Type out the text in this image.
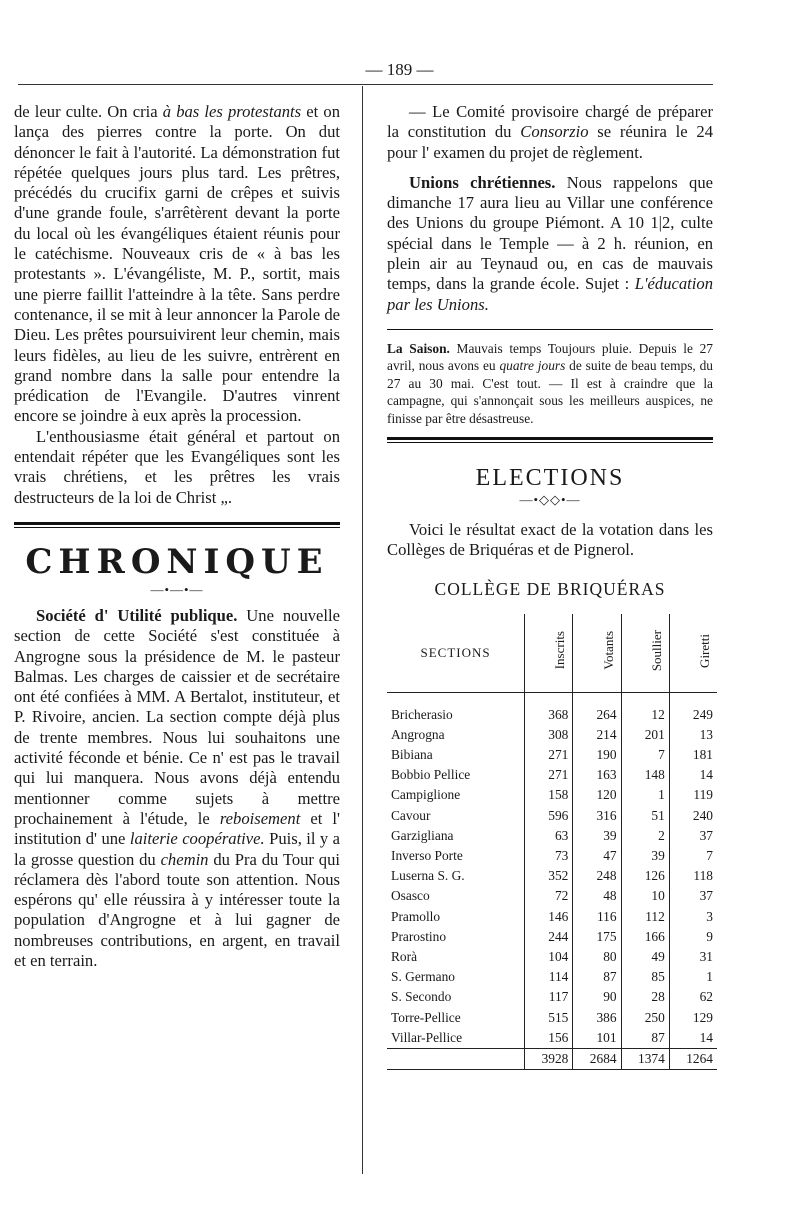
— 189 —

de leur culte. On cria à bas les protestants et on lança des pierres contre la porte. On dut dénoncer le fait à l'autorité. La démonstration fut répétée quelques jours plus tard. Les prêtres, précédés du crucifix garni de crêpes et suivis d'une grande foule, s'arrêtèrent devant la porte du local où les évangéliques étaient réunis pour le catéchisme. Nouveaux cris de « à bas les protestants ». L'évangéliste, M. P., sortit, mais une pierre faillit l'atteindre à la tête. Sans perdre contenance, il se mit à leur annoncer la Parole de Dieu. Les prêtes poursuivirent leur chemin, mais leurs fidèles, au lieu de les suivre, entrèrent en grand nombre dans la salle pour entendre la prédication de l'Evangile. D'autres vinrent encore se joindre à eux après la procession.

L'enthousiasme était général et partout on entendait répéter que les Evangéliques sont les vrais chrétiens, et les prêtres les vrais destructeurs de la loi de Christ „.

CHRONIQUE
—•—•—

Société d' Utilité publique. Une nouvelle section de cette Société s'est constituée à Angrogne sous la présidence de M. le pasteur Balmas. Les charges de caissier et de secrétaire ont été confiées à MM. A Bertalot, instituteur, et P. Rivoire, ancien. La section compte déjà plus de trente membres. Nous lui souhaitons une activité féconde et bénie. Ce n' est pas le travail qui lui manquera. Nous avons déjà entendu mentionner comme sujets à mettre prochainement à l'étude, le reboisement et l' institution d' une laiterie coopérative. Puis, il y a la grosse question du chemin du Pra du Tour qui réclamera dès l'abord toute son attention. Nous espérons qu' elle réussira à y intéresser toute la population d'Angrogne et à lui gagner de nombreuses contributions, en argent, en travail et en terrain.

— Le Comité provisoire chargé de préparer la constitution du Consorzio se réunira le 24 pour l' examen du projet de règlement.

Unions chrétiennes. Nous rappelons que dimanche 17 aura lieu au Villar une conférence des Unions du groupe Piémont. A 10 1|2, culte spécial dans le Temple — à 2 h. réunion, en plein air au Teynaud ou, en cas de mauvais temps, dans la grande école. Sujet : L'éducation par les Unions.

La Saison. Mauvais temps Toujours pluie. Depuis le 27 avril, nous avons eu quatre jours de suite de beau temps, du 27 au 30 mai. C'est tout. — Il est à craindre que la campagne, qui s'annonçait sous les meilleurs auspices, ne finisse par être désastreuse.

ELECTIONS
—•◇◇•—

Voici le résultat exact de la votation dans les Collèges de Briquéras et de Pignerol.

COLLÈGE DE BRIQUÉRAS
SECTIONS	Inscrits	Votants	Soullier	Giretti

Bricherasio	368	264	12	249
Angrogna	308	214	201	13
Bibiana	271	190	7	181
Bobbio Pellice	271	163	148	14
Campiglione	158	120	1	119
Cavour	596	316	51	240
Garzigliana	63	39	2	37
Inverso Porte	73	47	39	7
Luserna S. G.	352	248	126	118
Osasco	72	48	10	37
Pramollo	146	116	112	3
Prarostino	244	175	166	9
Rorà	104	80	49	31
S. Germano	114	87	85	1
S. Secondo	117	90	28	62
Torre-Pellice	515	386	250	129
Villar-Pellice	156	101	87	14
	3928	2684	1374	1264
